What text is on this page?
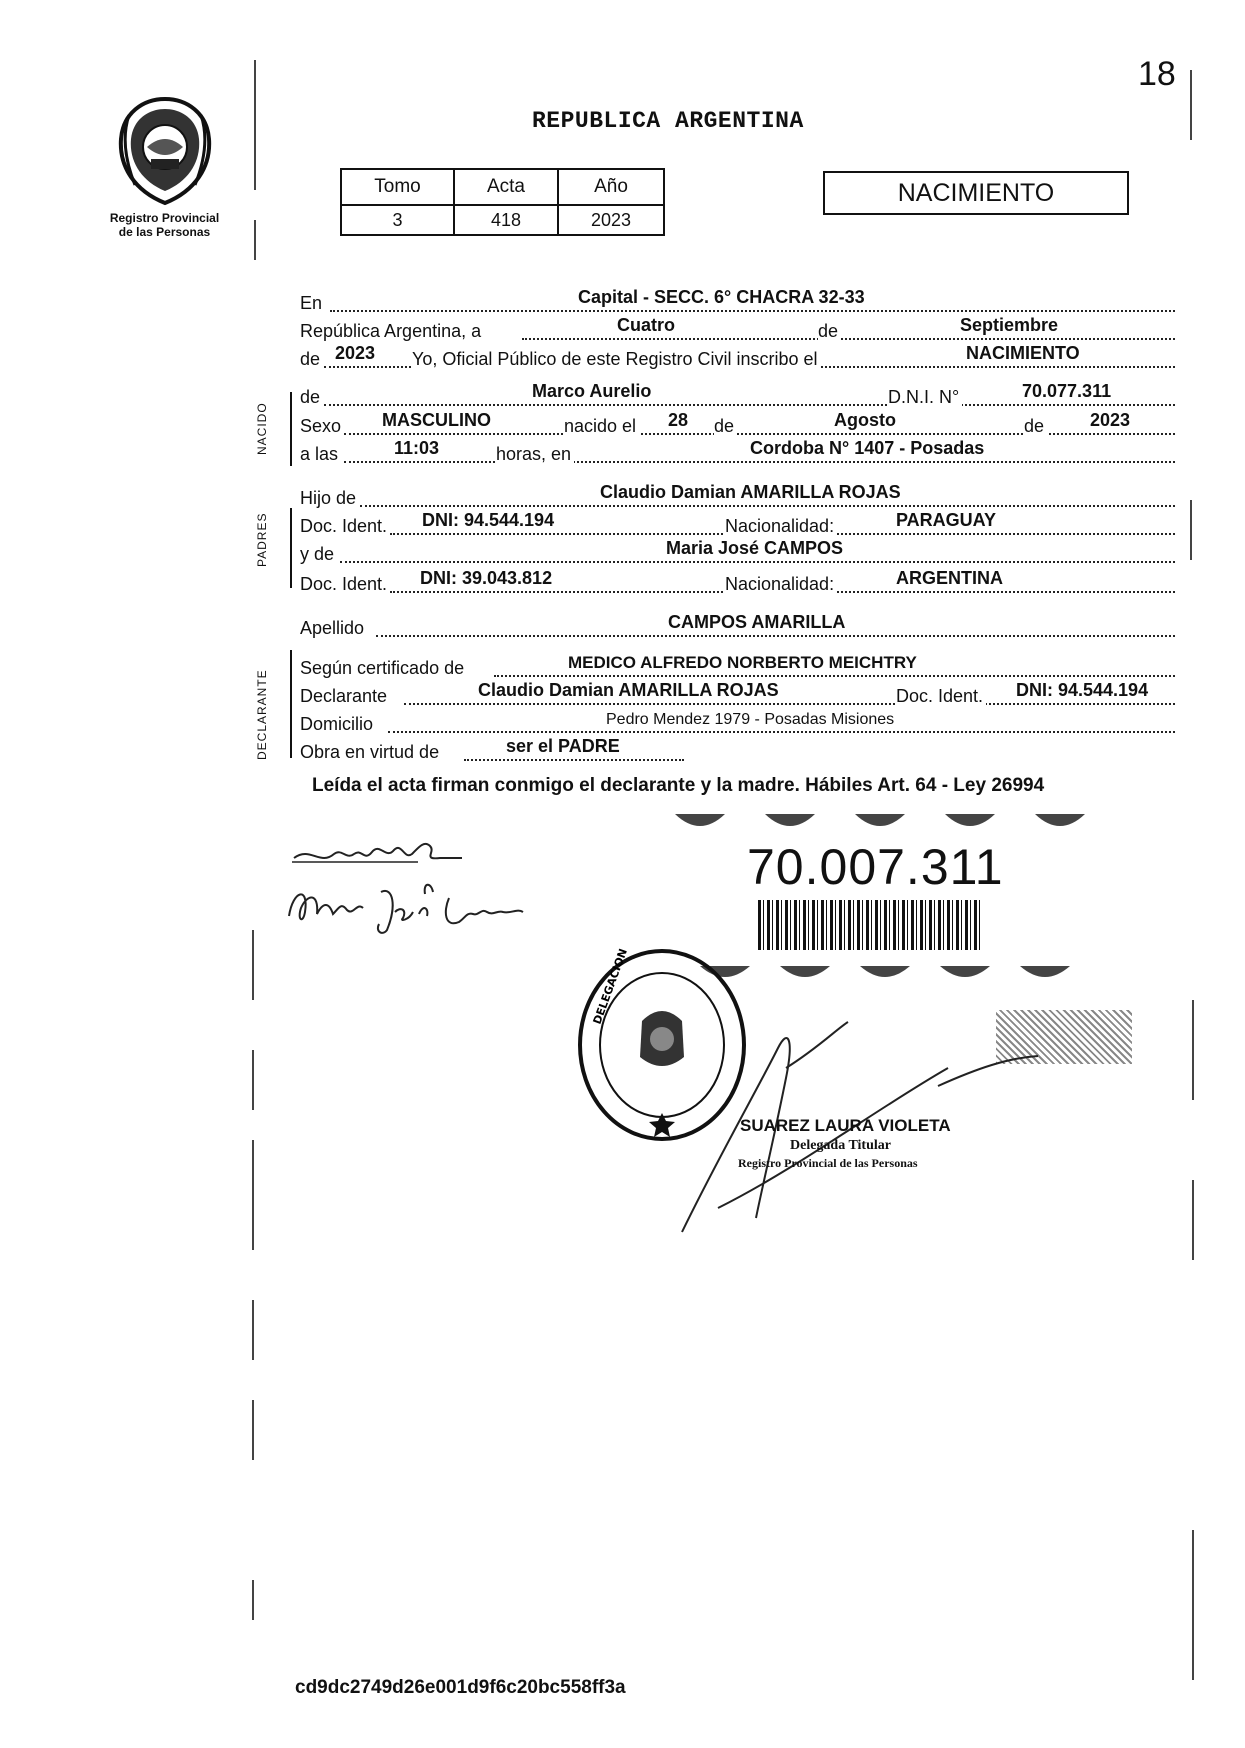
18
Registro Provincial
de las Personas
REPUBLICA ARGENTINA
Tomo	Acta	Año
3	418	2023
NACIMIENTO
NACIDO
PADRES
DECLARANTE
En	Capital - SECC. 6° CHACRA 32-33
República Argentina, a	Cuatro	de	Septiembre
de 2023 Yo, Oficial Público de este Registro Civil inscribo el	NACIMIENTO
de	Marco Aurelio	D.N.I. N°	70.077.311
Sexo MASCULINO	nacido el 28 de	Agosto	de	2023
a las	11:03	horas, en	Cordoba N° 1407 - Posadas
Hijo de	Claudio Damian AMARILLA ROJAS
Doc. Ident. DNI: 94.544.194	Nacionalidad:	PARAGUAY
y de	Maria José CAMPOS
Doc. Ident. DNI: 39.043.812	Nacionalidad:	ARGENTINA
Apellido	CAMPOS AMARILLA
Según certificado de	MEDICO ALFREDO NORBERTO MEICHTRY
Declarante	Claudio Damian AMARILLA ROJAS	Doc. Ident. DNI: 94.544.194
Domicilio	Pedro Mendez 1979 - Posadas Misiones
Obra en virtud de	ser el PADRE
Leída el acta firman conmigo el declarante y la madre. Hábiles Art. 64 - Ley 26994
70.007.311
DELEGACION
SUAREZ LAURA VIOLETA
Delegada Titular
Registro Provincial de las Personas
cd9dc2749d26e001d9f6c20bc558ff3a
